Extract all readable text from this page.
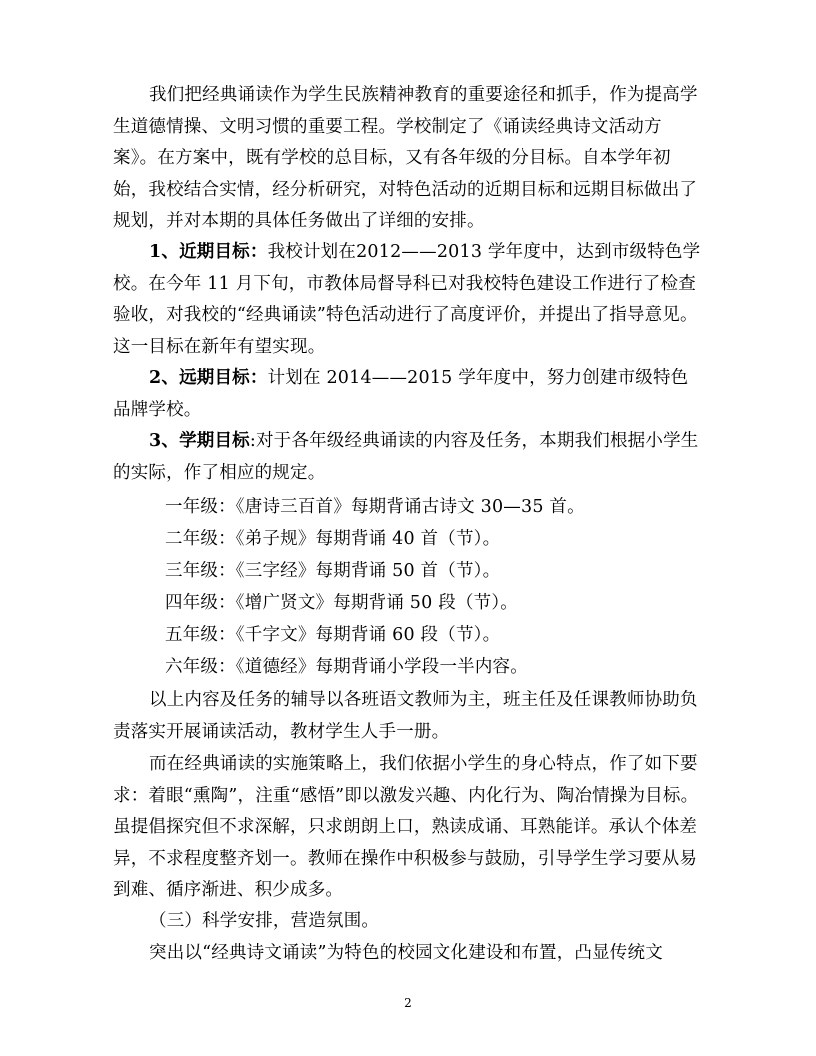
我们把经典诵读作为学生民族精神教育的重要途径和抓手，作为提高学生道德情操、文明习惯的重要工程。学校制定了《诵读经典诗文活动方案》。在方案中，既有学校的总目标，又有各年级的分目标。自本学年初始，我校结合实情，经分析研究，对特色活动的近期目标和远期目标做出了规划，并对本期的具体任务做出了详细的安排。
1、近期目标：我校计划在2012——2013 学年度中，达到市级特色学校。在今年 11 月下旬，市教体局督导科已对我校特色建设工作进行了检查验收，对我校的“经典诵读”特色活动进行了高度评价，并提出了指导意见。这一目标在新年有望实现。
2、远期目标：计划在 2014——2015 学年度中，努力创建市级特色品牌学校。
3、学期目标:对于各年级经典诵读的内容及任务，本期我们根据小学生的实际，作了相应的规定。
一年级：《唐诗三百首》每期背诵古诗文 30—35 首。
二年级：《弟子规》每期背诵 40 首（节）。
三年级：《三字经》每期背诵 50 首（节）。
四年级：《增广贤文》每期背诵 50 段（节）。
五年级：《千字文》每期背诵 60 段（节）。
六年级：《道德经》每期背诵小学段一半内容。
以上内容及任务的辅导以各班语文教师为主，班主任及任课教师协助负责落实开展诵读活动，教材学生人手一册。
而在经典诵读的实施策略上，我们依据小学生的身心特点，作了如下要求：着眼“熏陶”，注重“感悟”即以激发兴趣、内化行为、陶冶情操为目标。虽提倡探究但不求深解，只求朗朗上口，熟读成诵、耳熟能详。承认个体差异，不求程度整齐划一。教师在操作中积极参与鼓励，引导学生学习要从易到难、循序渐进、积少成多。
（三）科学安排，营造氛围。
突出以“经典诗文诵读”为特色的校园文化建设和布置，凸显传统文
2
